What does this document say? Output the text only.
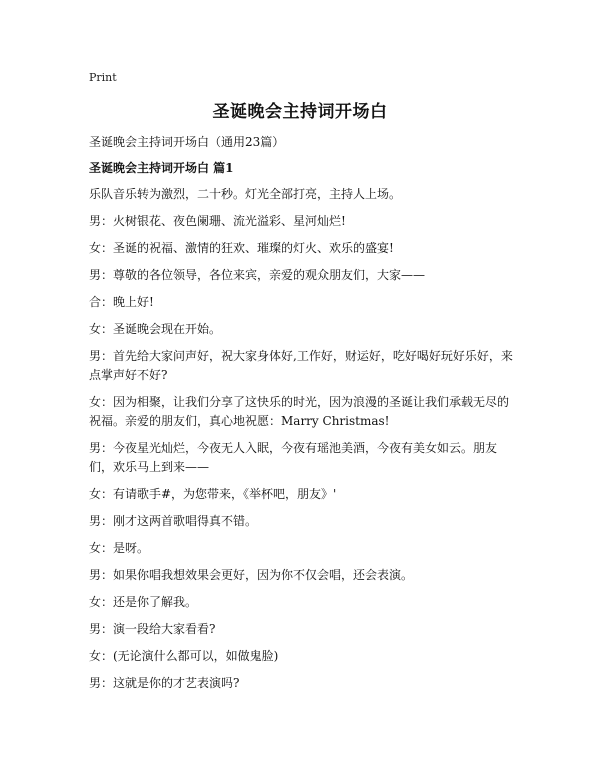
Print
圣诞晚会主持词开场白

圣诞晚会主持词开场白（通用23篇）

圣诞晚会主持词开场白 篇1

乐队音乐转为激烈，二十秒。灯光全部打亮，主持人上场。

男：火树银花、夜色阑珊、流光溢彩、星河灿烂!

女：圣诞的祝福、激情的狂欢、璀璨的灯火、欢乐的盛宴!

男：尊敬的各位领导，各位来宾，亲爱的观众朋友们，大家——

合：晚上好!

女：圣诞晚会现在开始。

男：首先给大家问声好，祝大家身体好,工作好，财运好，吃好喝好玩好乐好，来点掌声好不好?

女：因为相聚，让我们分享了这快乐的时光，因为浪漫的圣诞让我们承载无尽的祝福。亲爱的朋友们，真心地祝愿：Marry Christmas!

男：今夜星光灿烂，今夜无人入眠，今夜有瑶池美酒，今夜有美女如云。朋友们，欢乐马上到来——

女：有请歌手#，为您带来，《举杯吧，朋友》'

男：刚才这两首歌唱得真不错。

女：是呀。

男：如果你唱我想效果会更好，因为你不仅会唱，还会表演。

女：还是你了解我。

男：演一段给大家看看?

女：(无论演什么都可以，如做鬼脸)

男：这就是你的才艺表演吗?
